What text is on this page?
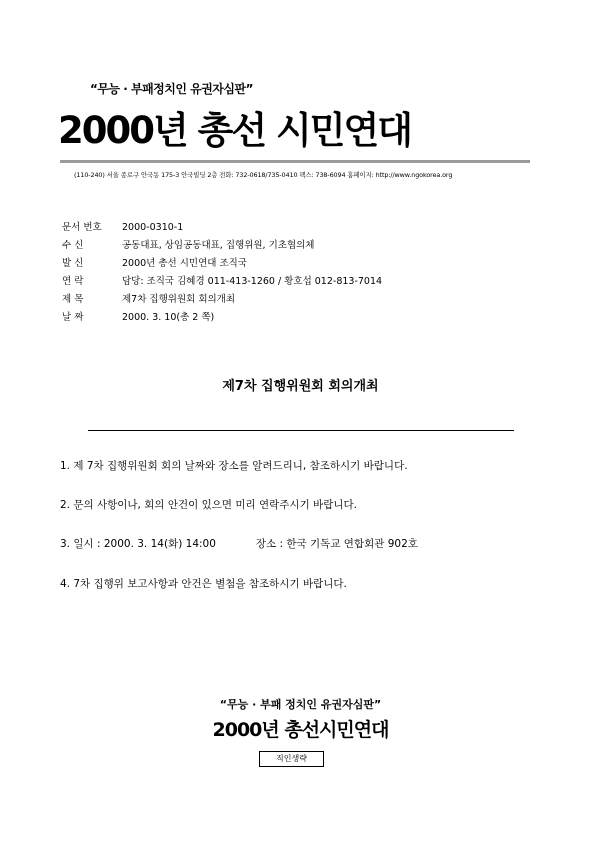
“무능 · 부패정치인 유권자심판”
2000년 총선 시민연대
(110-240) 서울 종로구 안국동 175-3 안국빌딩 2층 전화: 732-0618/735-0410 팩스: 738-6094 홈페이지: http://www.ngokorea.org
문서 번호	2000-0310-1
수 신	공동대표, 상임공동대표, 집행위원, 기초협의체
발 신	2000년 총선 시민연대 조직국
연 락	담당: 조직국 김혜경 011-413-1260 / 황호섭 012-813-7014
제 목	제7차 집행위원회 회의개최
날 짜	2000. 3. 10(총 2 쪽)
제7차 집행위원회 회의개최
1. 제 7차 집행위원회 회의 날짜와 장소를 알려드리니, 참조하시기 바랍니다.
2. 문의 사항이나, 회의 안건이 있으면 미리 연락주시기 바랍니다.
3. 일시 : 2000. 3. 14(화) 14:00	장소 : 한국 기독교 연합회관 902호
4. 7차 집행위 보고사항과 안건은 별첨을 참조하시기 바랍니다.
“무능 · 부패 정치인 유권자심판”
2000년 총선시민연대
직인생략
